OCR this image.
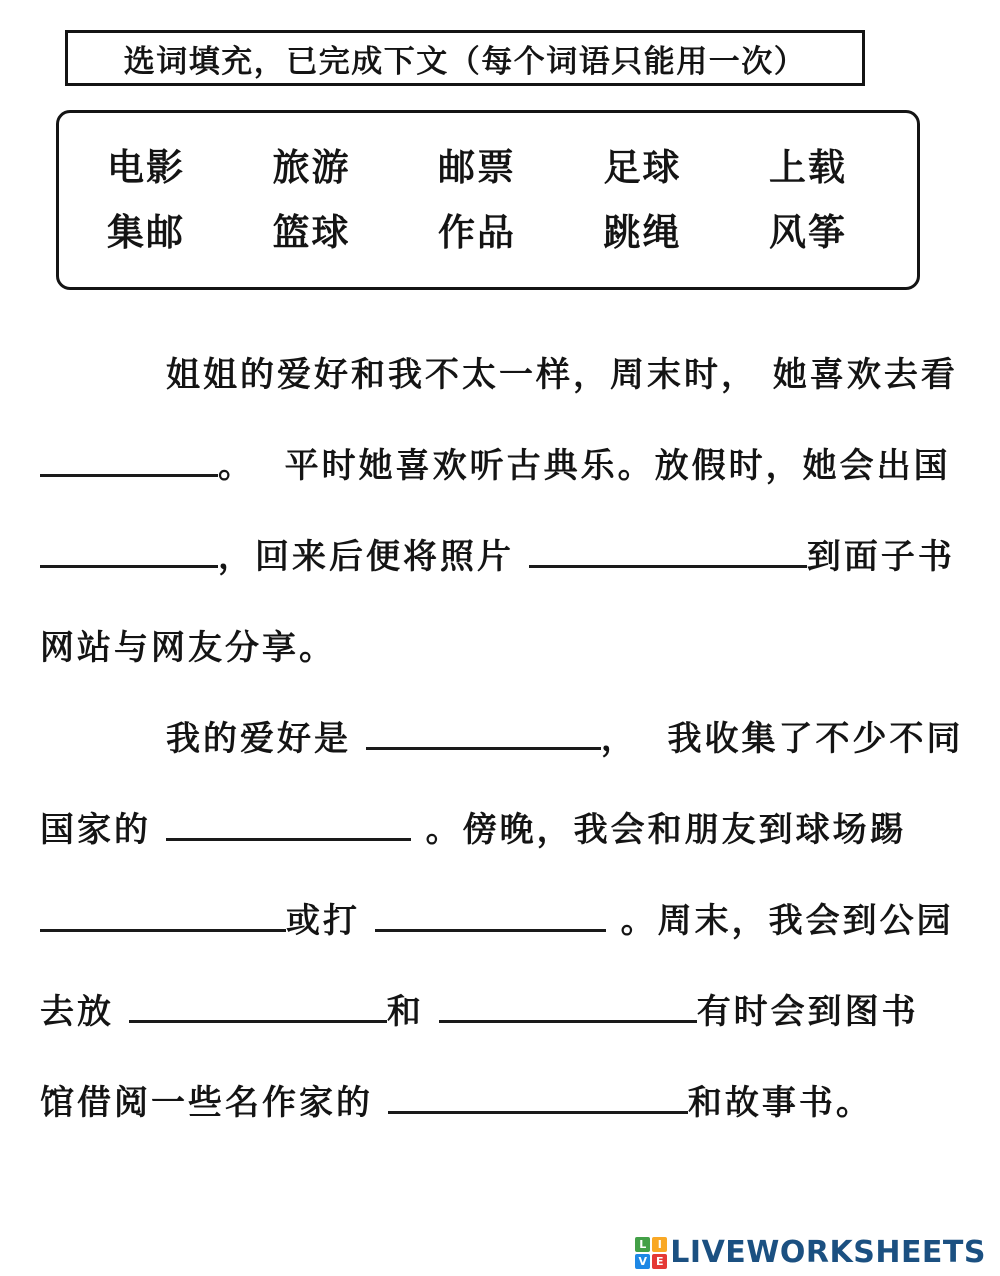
选词填充，已完成下文（每个词语只能用一次）
电影 旅游 邮票 足球 上载
集邮 篮球 作品 跳绳 风筝
姐姐的爱好和我不太一样，周末时， 她喜欢去看
。  平时她喜欢听古典乐。放假时，她会出国
，回来后便将照片	到面子书
网站与网友分享。
我的爱好是	，  我收集了不少不同
国家的	。傍晚，我会和朋友到球场踢
或打	。周末，我会到公园
去放	和	有时会到图书
馆借阅一些名作家的	和故事书。
L	I
V E LIVEWORKSHEETS
